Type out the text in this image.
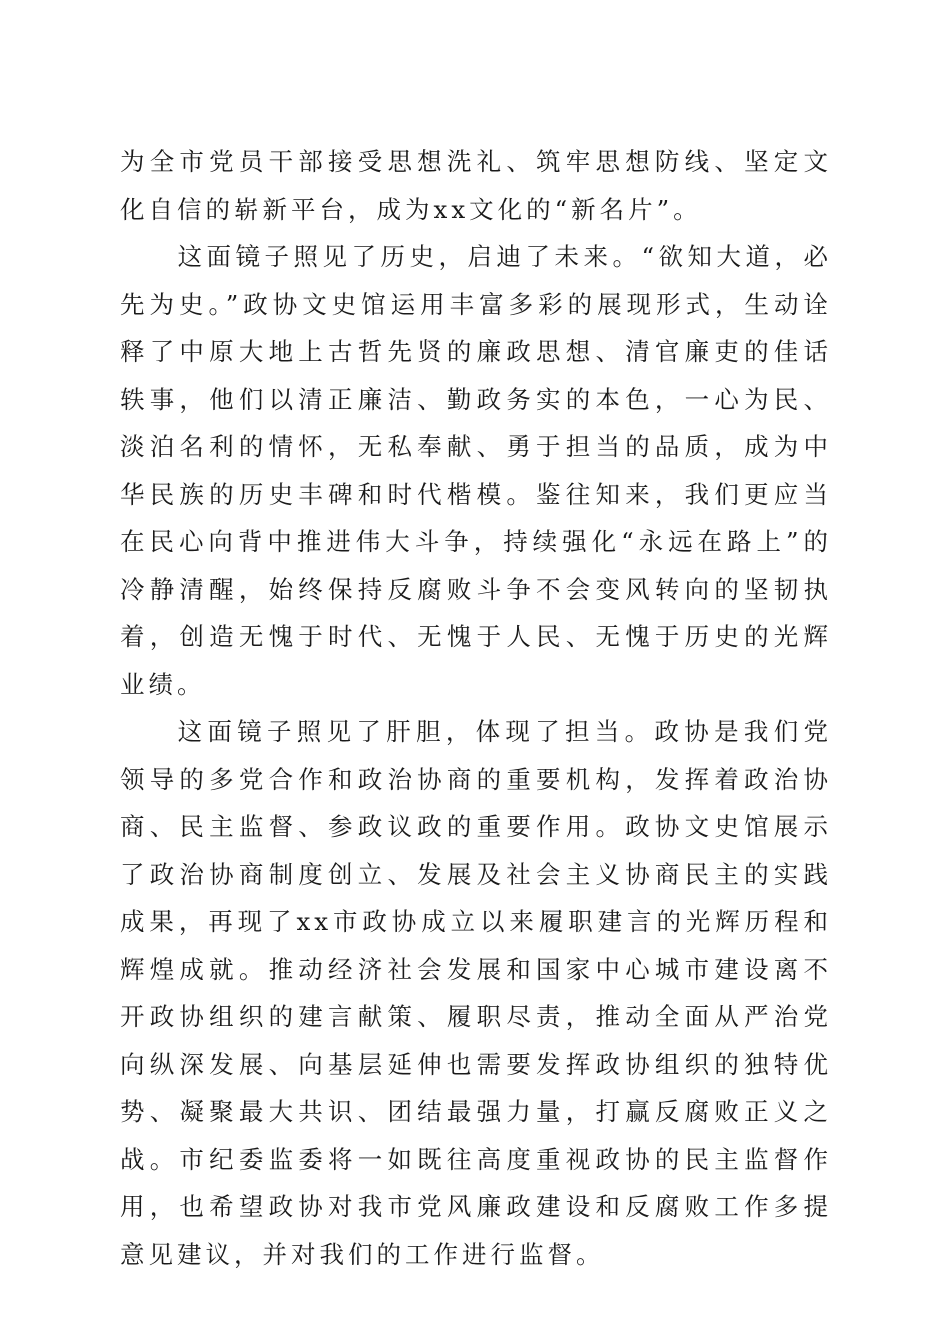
为全市党员干部接受思想洗礼、筑牢思想防线、坚定文化自信的崭新平台，成为xx文化的“新名片”。

这面镜子照见了历史，启迪了未来。“欲知大道，必先为史。”政协文史馆运用丰富多彩的展现形式，生动诠释了中原大地上古哲先贤的廉政思想、清官廉吏的佳话轶事，他们以清正廉洁、勤政务实的本色，一心为民、淡泊名利的情怀，无私奉献、勇于担当的品质，成为中华民族的历史丰碑和时代楷模。鉴往知来，我们更应当在民心向背中推进伟大斗争，持续强化“永远在路上”的冷静清醒，始终保持反腐败斗争不会变风转向的坚韧执着，创造无愧于时代、无愧于人民、无愧于历史的光辉业绩。

这面镜子照见了肝胆，体现了担当。政协是我们党领导的多党合作和政治协商的重要机构，发挥着政治协商、民主监督、参政议政的重要作用。政协文史馆展示了政治协商制度创立、发展及社会主义协商民主的实践成果，再现了xx市政协成立以来履职建言的光辉历程和辉煌成就。推动经济社会发展和国家中心城市建设离不开政协组织的建言献策、履职尽责，推动全面从严治党向纵深发展、向基层延伸也需要发挥政协组织的独特优势、凝聚最大共识、团结最强力量，打赢反腐败正义之战。市纪委监委将一如既往高度重视政协的民主监督作用，也希望政协对我市党风廉政建设和反腐败工作多提意见建议，并对我们的工作进行监督。
